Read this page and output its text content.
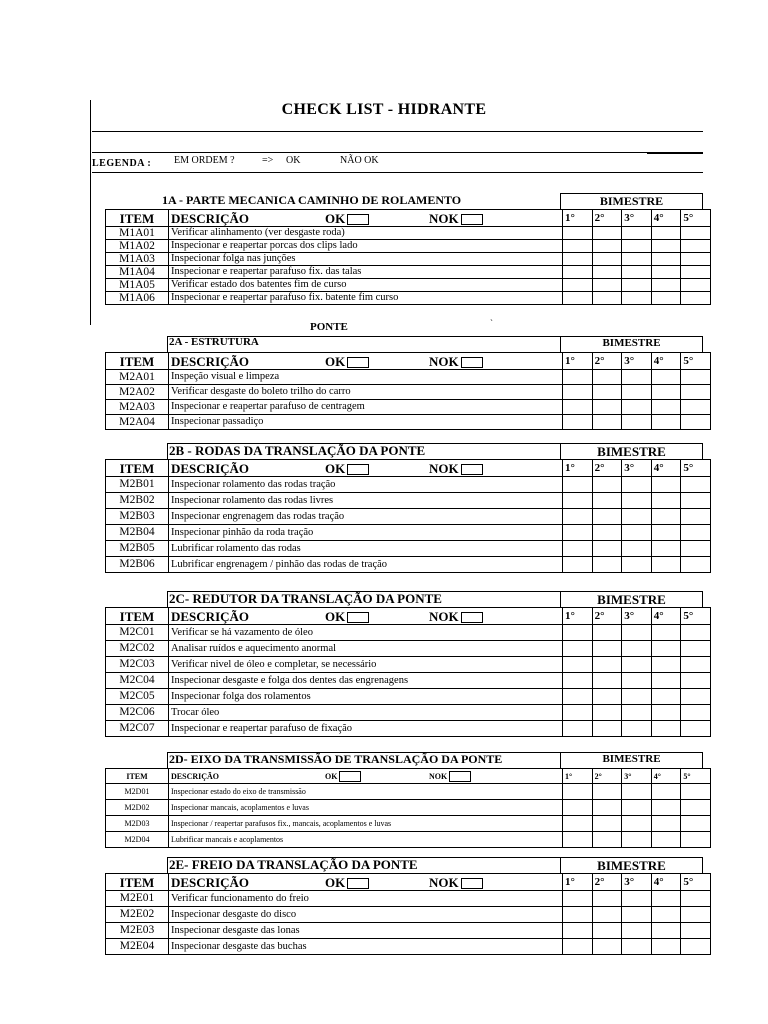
CHECK LIST - HIDRANTE
LEGENDA : EM ORDEM ?	=> OK	NÃO OK
PONTE	`
1A - PARTE MECANICA CAMINHO DE ROLAMENTO	BIMESTRE
ITEM	DESCRIÇÃO OK NOK	1°	2°	3°	4°	5°
M1A01	Verificar alinhamento (ver desgaste roda)					
M1A02	Inspecionar e reapertar porcas dos clips lado					
M1A03	Inspecionar folga nas junções					
M1A04	Inspecionar e reapertar parafuso fix. das talas					
M1A05	Verificar estado dos batentes fim de curso					
M1A06	Inspecionar e reapertar parafuso fix. batente fim curso					
2A - ESTRUTURA	BIMESTRE
ITEM	DESCRIÇÃO OK NOK	1°	2°	3°	4°	5°
M2A01	Inspeção visual e limpeza					
M2A02	Verificar desgaste do boleto trilho do carro					
M2A03	Inspecionar e reapertar parafuso de centragem					
M2A04	Inspecionar passadiço					
2B - RODAS DA TRANSLAÇÃO DA PONTE	BIMESTRE
ITEM	DESCRIÇÃO OK NOK	1°	2°	3°	4°	5°
M2B01	Inspecionar rolamento das rodas tração					
M2B02	Inspecionar rolamento das rodas livres					
M2B03	Inspecionar engrenagem das rodas tração					
M2B04	Inspecionar pinhão da roda tração					
M2B05	Lubrificar rolamento das rodas					
M2B06	Lubrificar engrenagem / pinhão das rodas de tração					
2C- REDUTOR DA TRANSLAÇÃO DA PONTE	BIMESTRE
ITEM	DESCRIÇÃO OK NOK	1°	2°	3°	4°	5°
M2C01	Verificar se há vazamento de óleo					
M2C02	Analisar ruídos e aquecimento anormal					
M2C03	Verificar nivel de óleo e completar, se necessário					
M2C04	Inspecionar desgaste e folga dos dentes das engrenagens					
M2C05	Inspecionar folga dos rolamentos					
M2C06	Trocar óleo					
M2C07	Inspecionar e reapertar parafuso de fixação					
2D- EIXO DA TRANSMISSÃO DE TRANSLAÇÃO DA PONTE	BIMESTRE
ITEM	DESCRIÇÃO OK NOK	1°	2°	3°	4°	5°
M2D01	Inspecionar estado do eixo de transmissão					
M2D02	Inspecionar mancais, acoplamentos e luvas					
M2D03	Inspecionar / reapertar parafusos fix., mancais, acoplamentos e luvas					
M2D04	Lubrificar mancais e acoplamentos					
2E- FREIO DA TRANSLAÇÃO DA PONTE	BIMESTRE
ITEM	DESCRIÇÃO OK NOK	1°	2°	3°	4°	5°
M2E01	Verificar funcionamento do freio					
M2E02	Inspecionar desgaste do disco					
M2E03	Inspecionar desgaste das lonas					
M2E04	Inspecionar desgaste das buchas					
